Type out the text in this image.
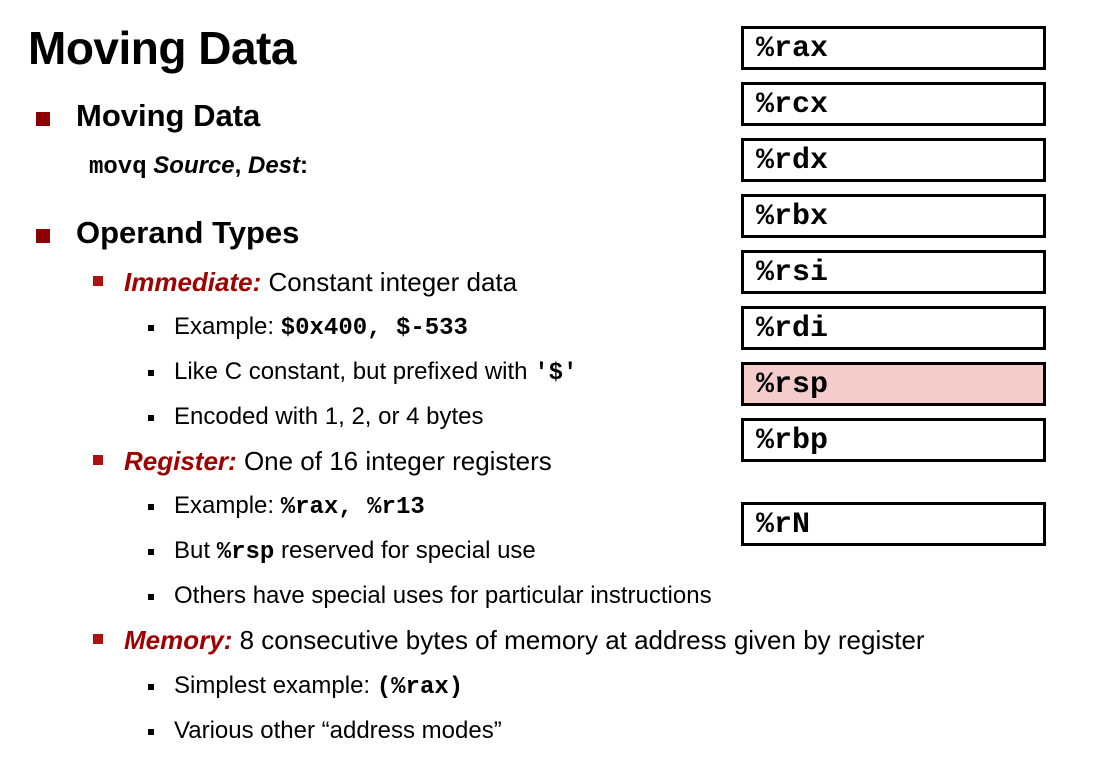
Moving Data
Moving Data
movq Source, Dest:
Operand Types
Immediate: Constant integer data
Example: $0x400, $-533
Like C constant, but prefixed with '$'
Encoded with 1, 2, or 4 bytes
Register: One of 16 integer registers
Example: %rax, %r13
But %rsp reserved for special use
Others have special uses for particular instructions
Memory: 8 consecutive bytes of memory at address given by register
Simplest example: (%rax)
Various other “address modes”
%rax
%rcx
%rdx
%rbx
%rsi
%rdi
%rsp
%rbp
%rN
